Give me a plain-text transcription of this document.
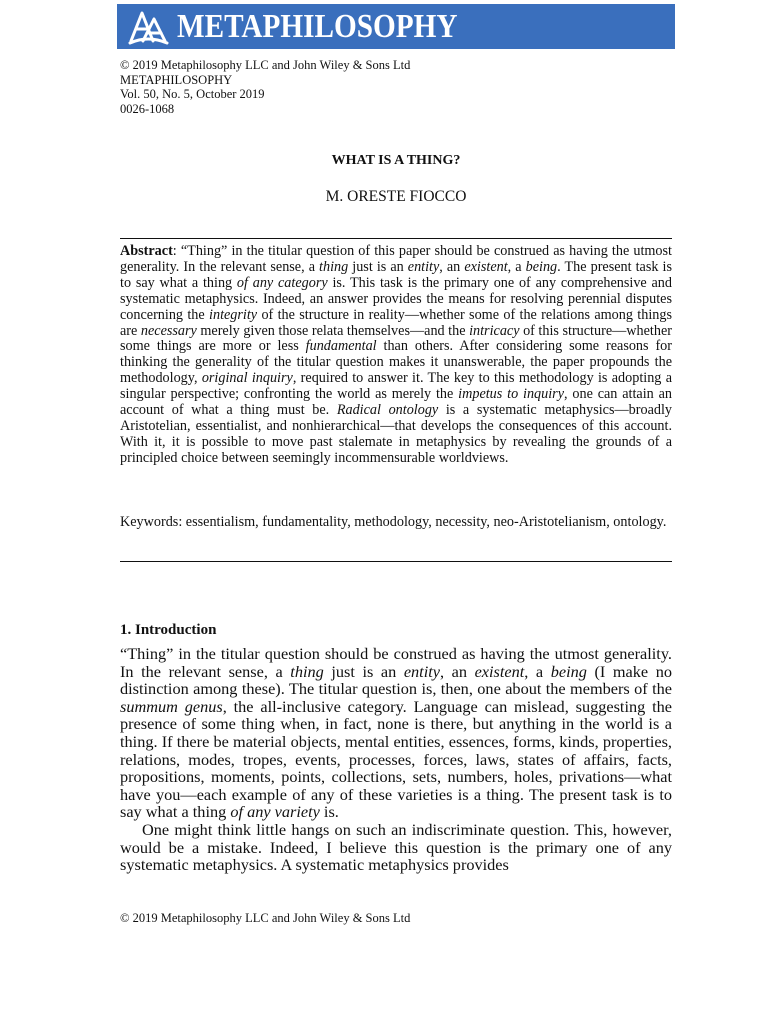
METAPHILOSOPHY
© 2019 Metaphilosophy LLC and John Wiley & Sons Ltd
METAPHILOSOPHY
Vol. 50, No. 5, October 2019
0026-1068
WHAT IS A THING?
M. ORESTE FIOCCO

Abstract: “Thing” in the titular question of this paper should be construed as having the utmost generality. In the relevant sense, a thing just is an entity, an existent, a being. The present task is to say what a thing of any category is. This task is the primary one of any comprehensive and systematic metaphysics. Indeed, an answer provides the means for resolving perennial disputes concerning the integrity of the structure in reality—whether some of the relations among things are necessary merely given those relata themselves—and the intricacy of this structure—whether some things are more or less fundamental than others. After considering some reasons for thinking the generality of the titular question makes it unanswerable, the paper propounds the methodology, original inquiry, required to answer it. The key to this methodology is adopting a singular perspective; confronting the world as merely the impetus to inquiry, one can attain an account of what a thing must be. Radical ontology is a systematic metaphysics—broadly Aristotelian, essentialist, and nonhierarchical—that develops the consequences of this account. With it, it is possible to move past stalemate in metaphysics by revealing the grounds of a principled choice between seemingly incommensurable worldviews.

Keywords: essentialism, fundamentality, methodology, necessity, neo-Aristotelianism, ontology.
1. Introduction

“Thing” in the titular question should be construed as having the utmost generality. In the relevant sense, a thing just is an entity, an existent, a being (I make no distinction among these). The titular question is, then, one about the members of the summum genus, the all-inclusive category. Language can mislead, suggesting the presence of some thing when, in fact, none is there, but anything in the world is a thing. If there be material objects, mental entities, essences, forms, kinds, properties, relations, modes, tropes, events, processes, forces, laws, states of affairs, facts, propositions, moments, points, collections, sets, numbers, holes, privations—what have you—each example of any of these varieties is a thing. The present task is to say what a thing of any variety is.

One might think little hangs on such an indiscriminate question. This, however, would be a mistake. Indeed, I believe this question is the primary one of any systematic metaphysics. A systematic metaphysics provides

© 2019 Metaphilosophy LLC and John Wiley & Sons Ltd
